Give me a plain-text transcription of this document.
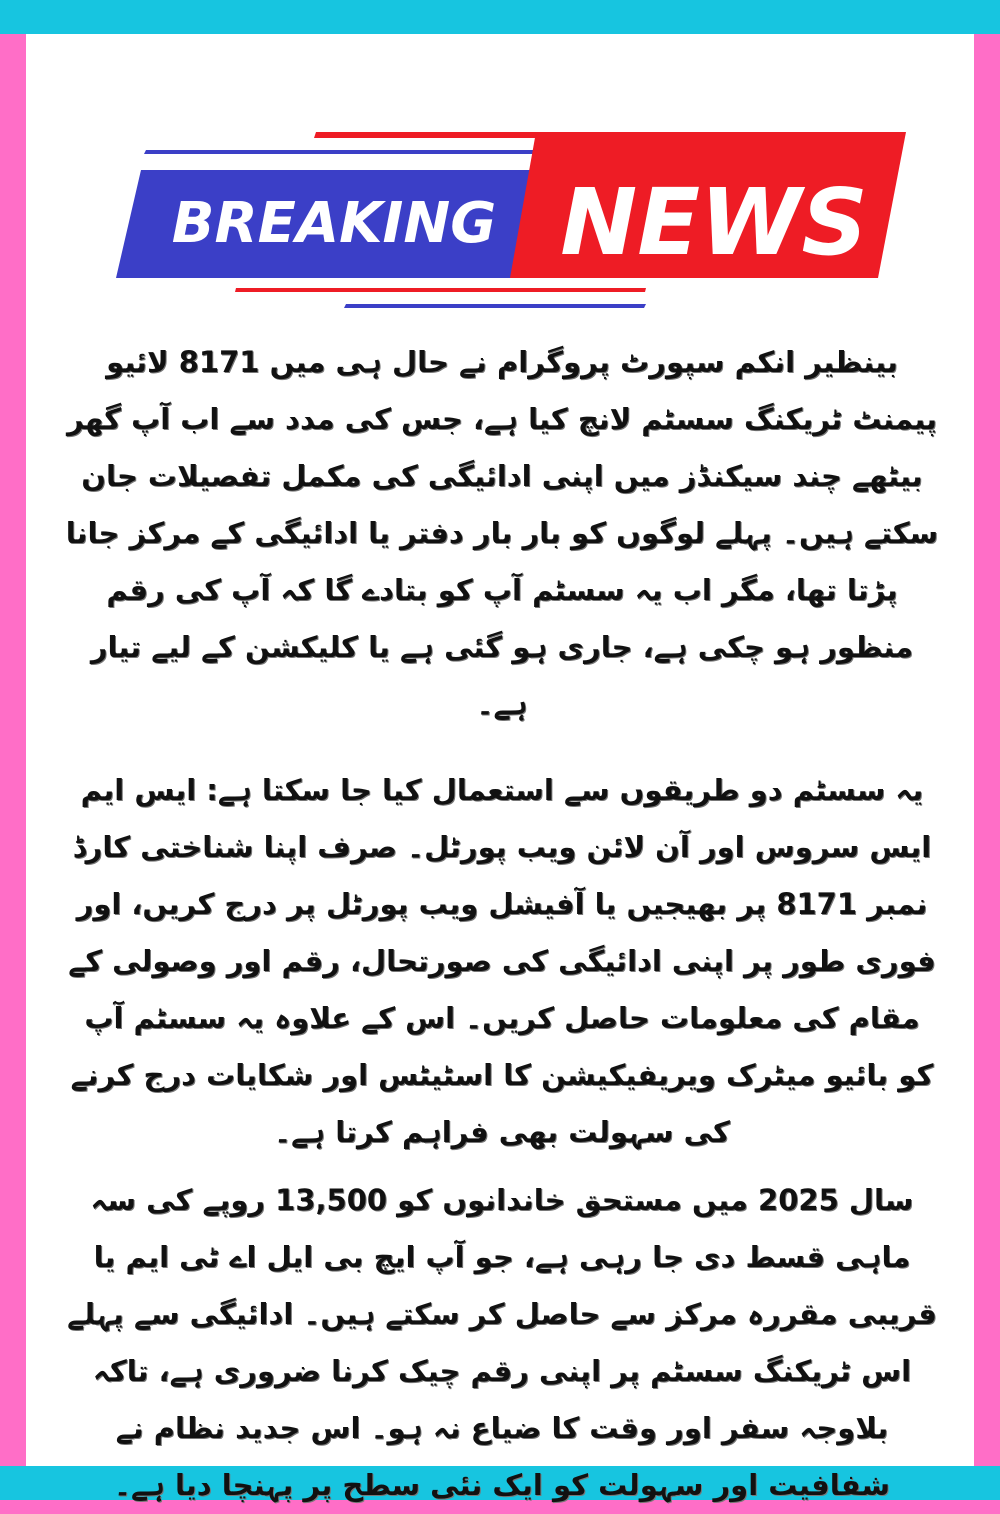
BREAKING NEWS

بینظیر انکم سپورٹ پروگرام نے حال ہی میں 8171 لائیو پیمنٹ ٹریکنگ سسٹم لانچ کیا ہے، جس کی مدد سے اب آپ گھر بیٹھے چند سیکنڈز میں اپنی ادائیگی کی مکمل تفصیلات جان سکتے ہیں۔ پہلے لوگوں کو بار بار دفتر یا ادائیگی کے مرکز جانا پڑتا تھا، مگر اب یہ سسٹم آپ کو بتادے گا کہ آپ کی رقم منظور ہو چکی ہے، جاری ہو گئی ہے یا کلیکشن کے لیے تیار ہے۔

یہ سسٹم دو طریقوں سے استعمال کیا جا سکتا ہے: ایس ایم ایس سروس اور آن لائن ویب پورٹل۔ صرف اپنا شناختی کارڈ نمبر 8171 پر بھیجیں یا آفیشل ویب پورٹل پر درج کریں، اور فوری طور پر اپنی ادائیگی کی صورتحال، رقم اور وصولی کے مقام کی معلومات حاصل کریں۔ اس کے علاوہ یہ سسٹم آپ کو بائیو میٹرک ویریفیکیشن کا اسٹیٹس اور شکایات درج کرنے کی سہولت بھی فراہم کرتا ہے۔

سال 2025 میں مستحق خاندانوں کو 13,500 روپے کی سہ ماہی قسط دی جا رہی ہے، جو آپ ایچ بی ایل اے ٹی ایم یا قریبی مقررہ مرکز سے حاصل کر سکتے ہیں۔ ادائیگی سے پہلے اس ٹریکنگ سسٹم پر اپنی رقم چیک کرنا ضروری ہے، تاکہ بلاوجہ سفر اور وقت کا ضیاع نہ ہو۔ اس جدید نظام نے شفافیت اور سہولت کو ایک نئی سطح پر پہنچا دیا ہے۔
